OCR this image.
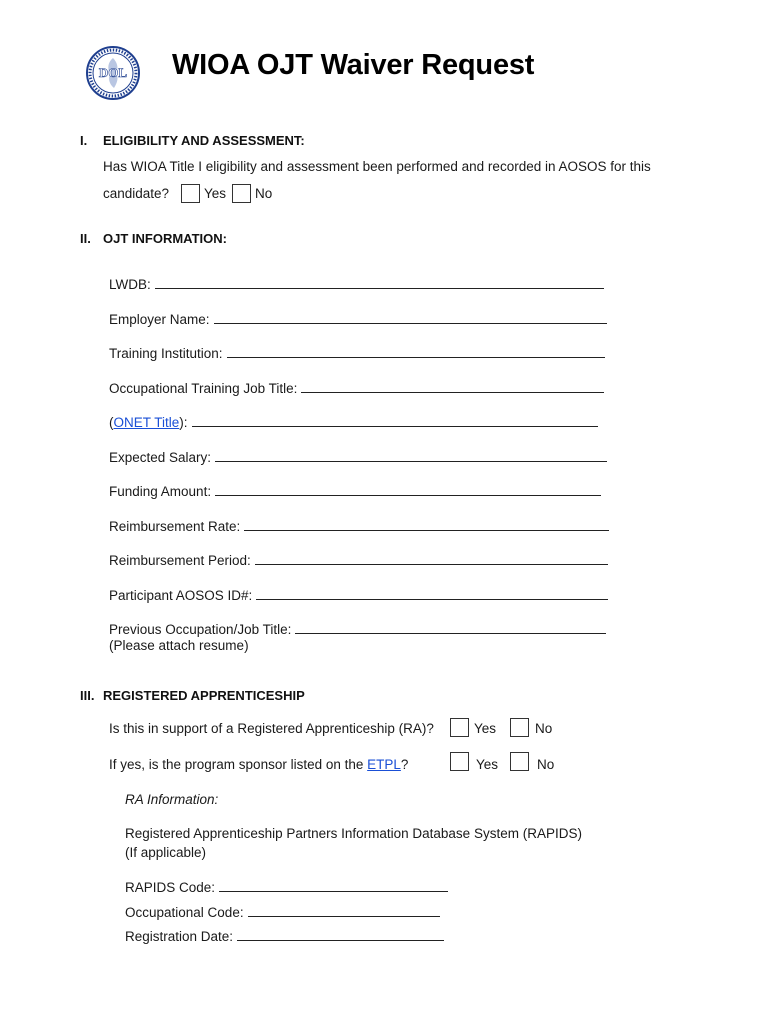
DOL WIOA OJT Waiver Request
I. ELIGIBILITY AND ASSESSMENT:
Has WIOA Title I eligibility and assessment been performed and recorded in AOSOS for this
candidate?	Yes No
II. OJT INFORMATION:
LWDB:
Employer Name:
Training Institution:
Occupational Training Job Title:
(ONET Title):
Expected Salary:
Funding Amount:
Reimbursement Rate:
Reimbursement Period:
Participant AOSOS ID#:
Previous Occupation/Job Title:
(Please attach resume)
III. REGISTERED APPRENTICESHIP
Is this in support of a Registered Apprenticeship (RA)?	Yes	No
If yes, is the program sponsor listed on the ETPL?	Yes	No
RA Information:
Registered Apprenticeship Partners Information Database System (RAPIDS)
(If applicable)
RAPIDS Code:
Occupational Code:
Registration Date:
